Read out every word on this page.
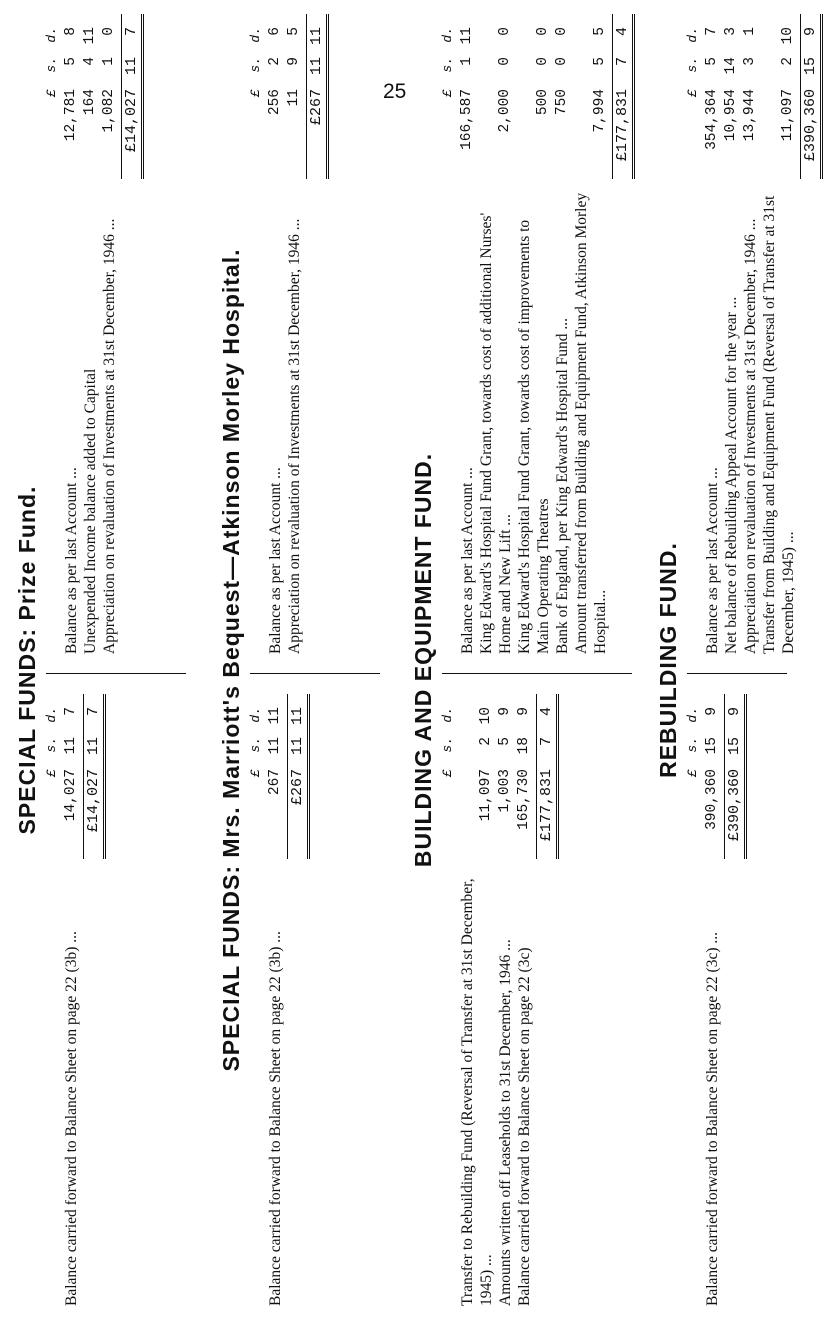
25
SPECIAL FUNDS: Prize Fund. £s.d.
Balance carried forward to Balance Sheet on page 22 (3b) ...
14,027117
£14,027117
£s.d.
Balance as per last Account ...
12,78158
Unexpended Income balance added to Capital
164411
Appreciation on revaluation of Investments at 31st December, 1946 ...
1,08210
£14,027117
SPECIAL FUNDS: Mrs. Marriott's Bequest—Atkinson Morley Hospital. £s.d.
Balance carried forward to Balance Sheet on page 22 (3b) ...
2671111
£2671111
£s.d.
Balance as per last Account ...
25626
Appreciation on revaluation of Investments at 31st December, 1946 ...
1195
£2671111
BUILDING AND EQUIPMENT FUND. £s.d.
Transfer to Rebuilding Fund (Reversal of Transfer at 31st December, 1945) ...
11,097210
Amounts written off Leaseholds to 31st December, 1946 ...
1,00359
Balance carried forward to Balance Sheet on page 22 (3c)
165,730189
£177,83174
£s.d.
Balance as per last Account ...
166,587111
King Edward's Hospital Fund Grant, towards cost of additional Nurses' Home and New Lift ...
2,00000
King Edward's Hospital Fund Grant, towards cost of improvements to Main Operating Theatres
50000
Bank of England, per King Edward's Hospital Fund ...
75000
Amount transferred from Building and Equipment Fund, Atkinson Morley Hospital...
7,99455
£177,83174
REBUILDING FUND. £s.d.
Balance carried forward to Balance Sheet on page 22 (3c) ...
390,360159
£390,360159
£s.d.
Balance as per last Account ...
354,36457
Net balance of Rebuilding Appeal Account for the year ...
10,954143
Appreciation on revaluation of Investments at 31st December, 1946 ...
13,94431
Transfer from Building and Equipment Fund (Reversal of Transfer at 31st December, 1945) ...
11,097210
£390,360159
